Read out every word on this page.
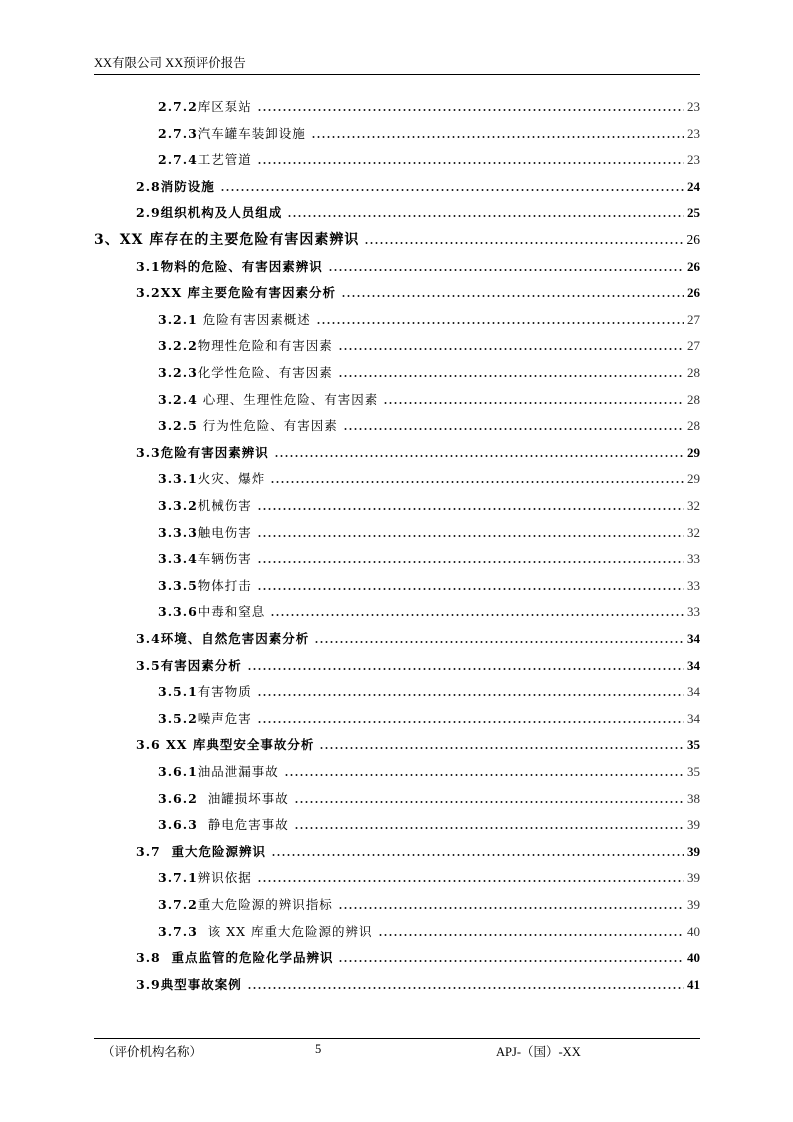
XX有限公司 XX预评价报告
2.7.2库区泵站	23
2.7.3汽车罐车装卸设施	23
2.7.4工艺管道	23
2.8消防设施	24
2.9组织机构及人员组成	25
3、XX 库存在的主要危险有害因素辨识	26
3.1物料的危险、有害因素辨识	26
3.2XX 库主要危险有害因素分析	26
3.2.1 危险有害因素概述	27
3.2.2物理性危险和有害因素	27
3.2.3化学性危险、有害因素	28
3.2.4 心理、生理性危险、有害因素	28
3.2.5 行为性危险、有害因素	28
3.3危险有害因素辨识	29
3.3.1火灾、爆炸	29
3.3.2机械伤害	32
3.3.3触电伤害	32
3.3.4车辆伤害	33
3.3.5物体打击	33
3.3.6中毒和窒息	33
3.4环境、自然危害因素分析	34
3.5有害因素分析	34
3.5.1有害物质	34
3.5.2噪声危害	34
3.6 XX 库典型安全事故分析	35
3.6.1油品泄漏事故	35
3.6.2  油罐损坏事故	38
3.6.3  静电危害事故	39
3.7  重大危险源辨识	39
3.7.1辨识依据	39
3.7.2重大危险源的辨识指标	39
3.7.3  该 XX 库重大危险源的辨识	40
3.8  重点监管的危险化学品辨识	40
3.9典型事故案例	41
（评价机构名称）	5	APJ-（国）-XX
